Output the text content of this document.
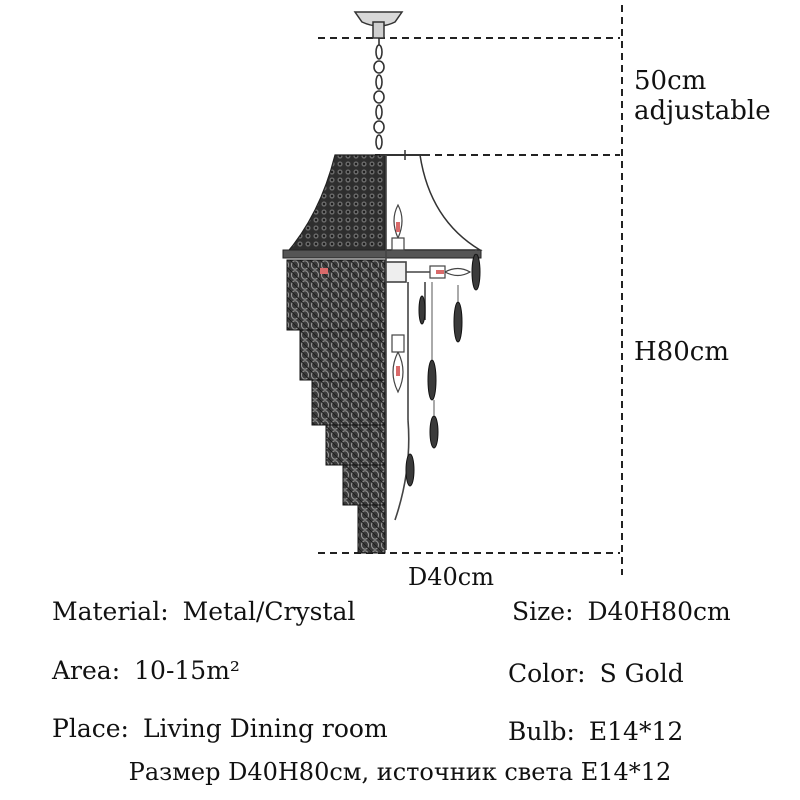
50cm
adjustable
H80cm
D40cm
Material: Metal/Crystal	Size: D40H80cm
Area: 10-15m²	Color: S Gold
Place: Living Dining room	Bulb: E14*12
Размер D40H80см, источник света E14*12
